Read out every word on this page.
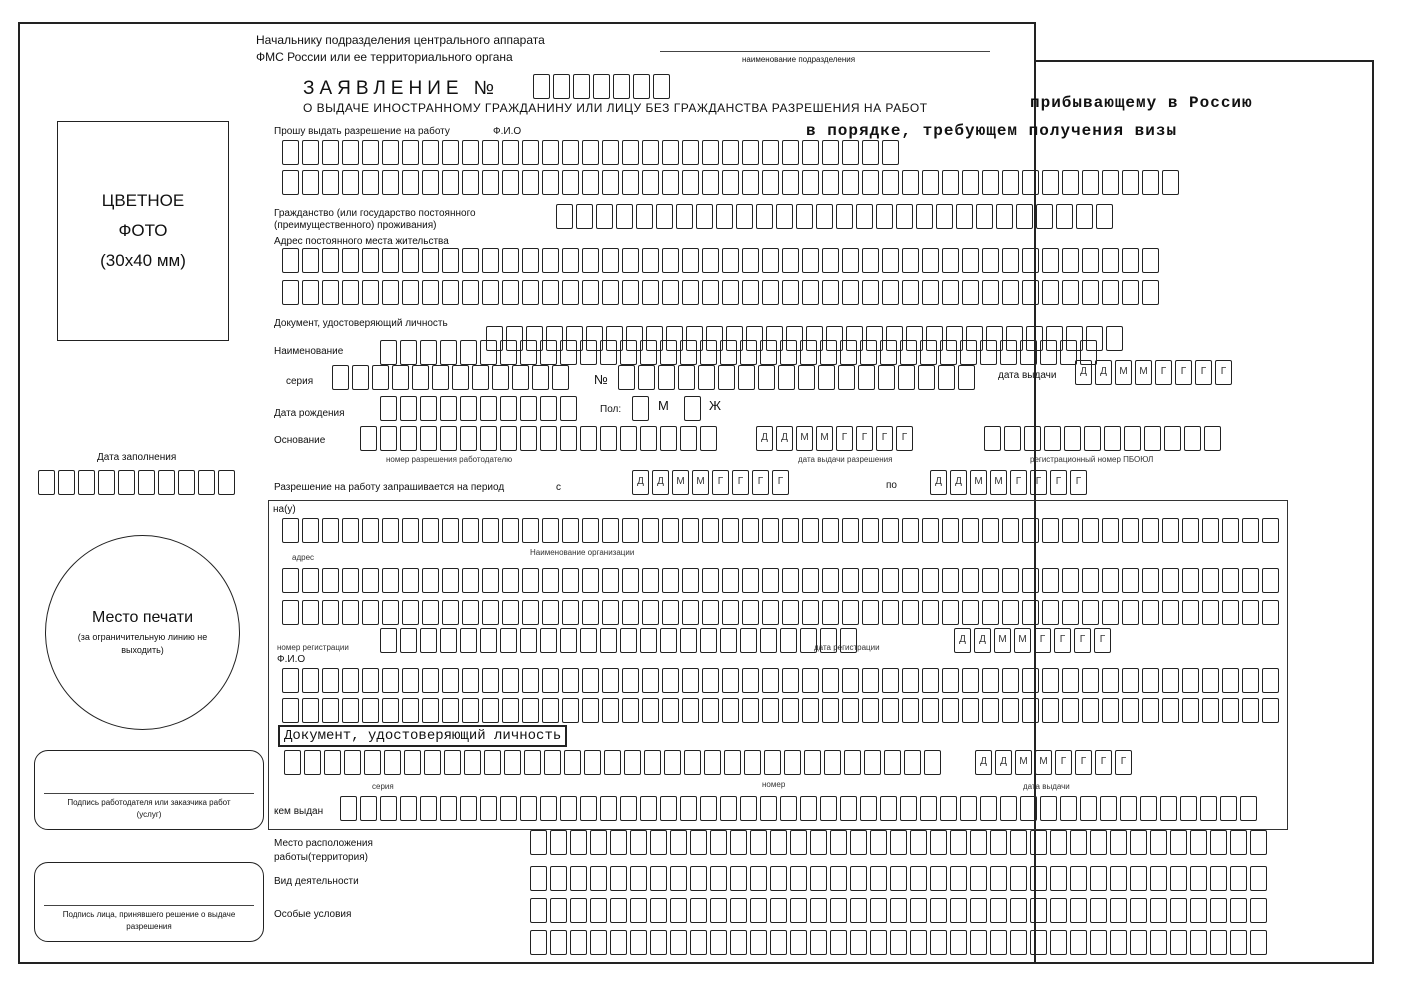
Начальнику подразделения центрального аппарата
ФМС России или ее территориального органа	наименование подразделения
ЗАЯВЛЕНИЕ №
О ВЫДАЧЕ ИНОСТРАННОМУ ГРАЖДАНИНУ ИЛИ ЛИЦУ БЕЗ ГРАЖДАНСТВА РАЗРЕШЕНИЯ НА РАБОТ	прибывающему в Россию
в порядке, требующем получения визы
ЦВЕТНОЕ
ФОТО
(30х40 мм)
Дата заполнения
Место печати
(за ограничительную линию не выходить)
Подпись работодателя или заказчика работ (услуг)
Подпись лица, принявшего решение о выдаче разрешения
Прошу выдать разрешение на работу	Ф.И.О
Гражданство (или государство постоянного (преимущественного) проживания)
Адрес постоянного места жительства
Документ, удостоверяющий личность
Наименование
серия	№	дата выдачи	Д	Д	М	М	Г	Г	Г	Г
Дата рождения	Пол:	М	Ж
Основание	Д	Д	М	М	Г	Г	Г	Г
номер разрешения работодателю	дата выдачи разрешения	регистрационный номер ПБОЮЛ
Разрешение на работу запрашивается на период	с
Д	Д	М	М	Г	Г	Г	Г	по	Д	Д	М	М	Г	Г	Г	Г
на(у)
адрес
Наименование организации
номер регистрации	дата регистрации
Д	Д	М	М	Г	Г	Г	Г
Ф.И.О
Документ, удостоверяющий личность
Д	Д	М	М	Г	Г	Г	Г
серия	номер	дата выдачи
кем выдан
Место расположения
работы(территория)
Вид деятельности
Особые условия
